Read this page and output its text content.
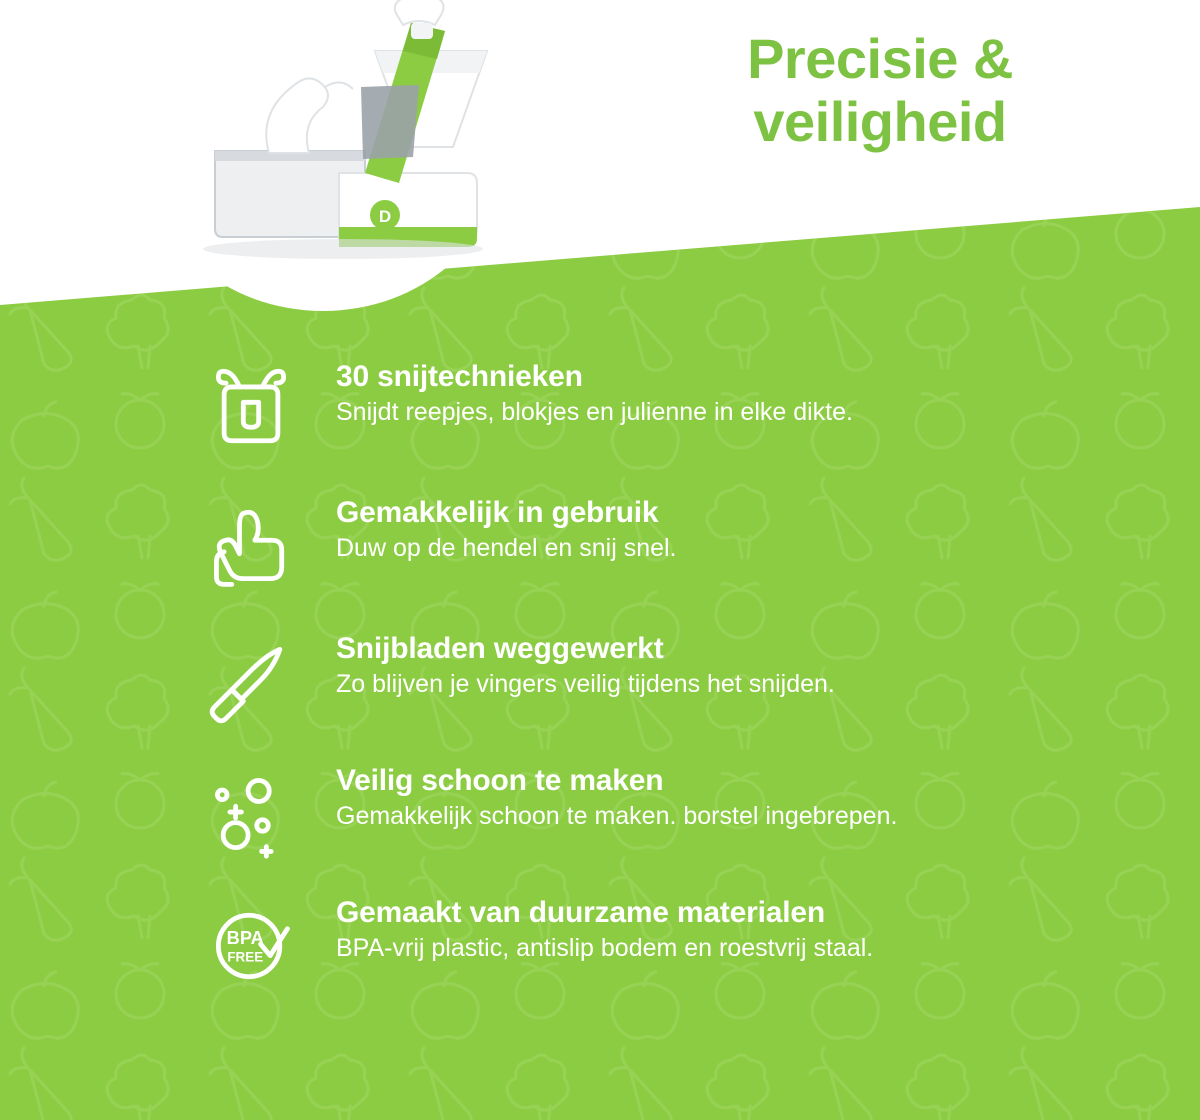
Precisie &
veiligheid
D
30 snijtechnieken
Snijdt reepjes, blokjes en julienne in elke dikte.
Gemakkelijk in gebruik
Duw op de hendel en snij snel.
Snijbladen weggewerkt
Zo blijven je vingers veilig tijdens het snijden.
Veilig schoon te maken
Gemakkelijk schoon te maken. borstel ingebrepen.
BPA
FREE
Gemaakt van duurzame materialen
BPA-vrij plastic, antislip bodem en roestvrij staal.
